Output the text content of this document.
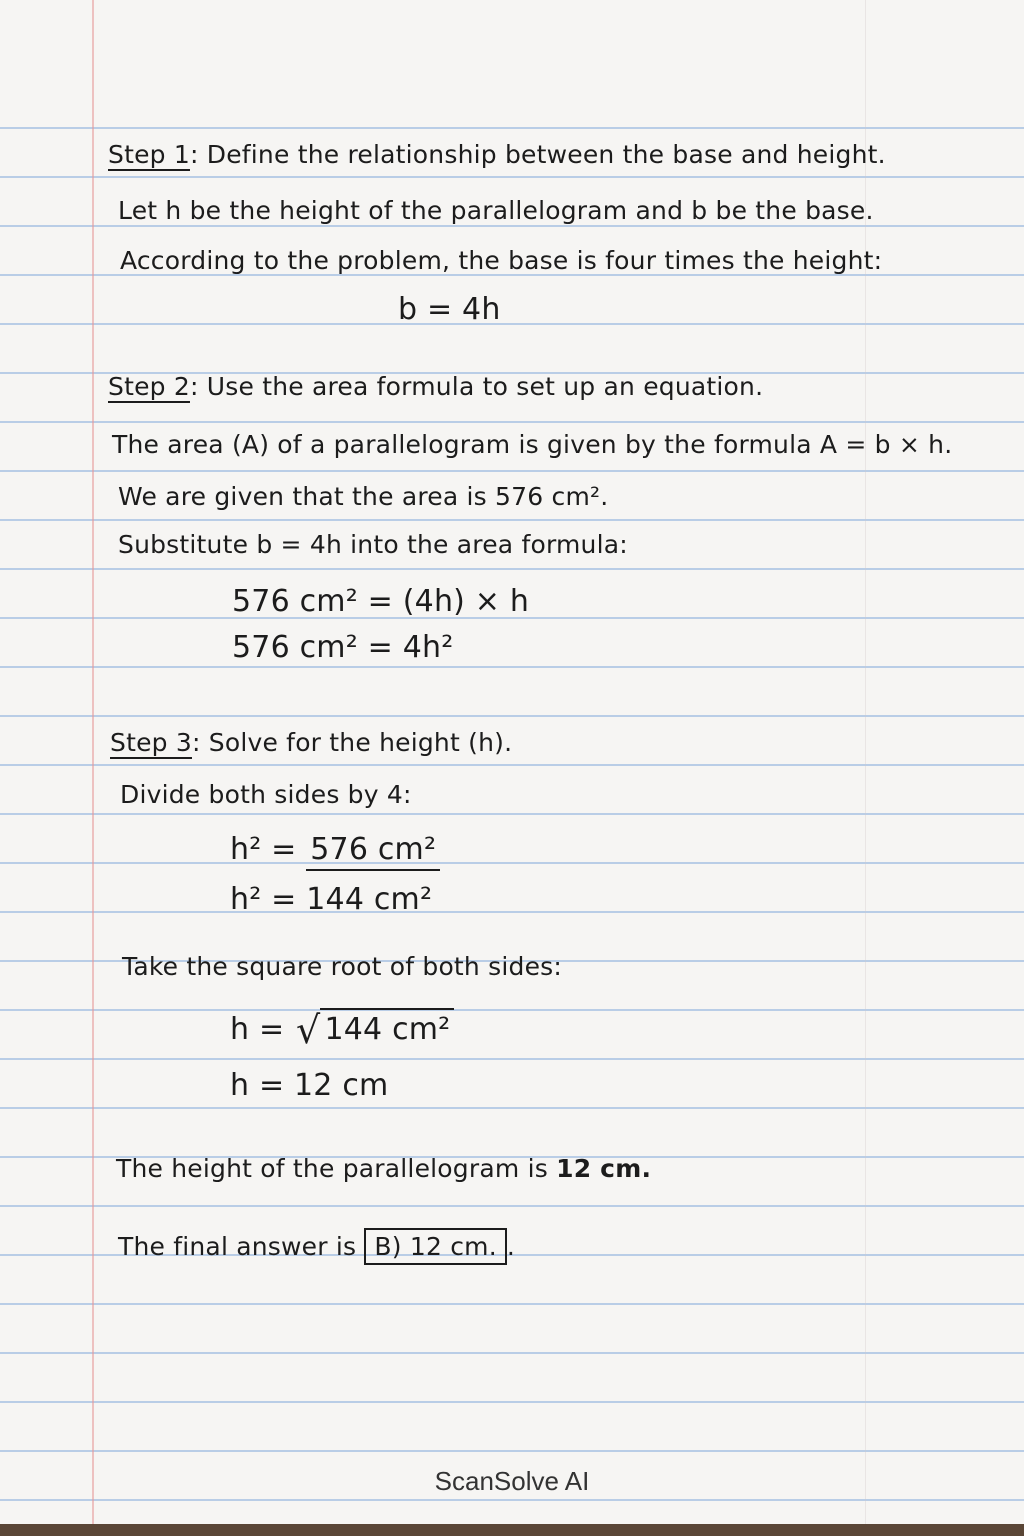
Step 1: Define the relationship between the base and height.
Let h be the height of the parallelogram and b be the base.
According to the problem, the base is four times the height:
b = 4h
Step 2: Use the area formula to set up an equation.
The area (A) of a parallelogram is given by the formula A = b × h.
We are given that the area is 576 cm².
Substitute b = 4h into the area formula:
576 cm² = (4h) × h
576 cm² = 4h²
Step 3: Solve for the height (h).
Divide both sides by 4:
h² = 576 cm²
h² = 144 cm²
Take the square root of both sides:
h = √ 144 cm²
h = 12 cm
The height of the parallelogram is 12 cm.
The final answer is B) 12 cm. .
ScanSolve AI
